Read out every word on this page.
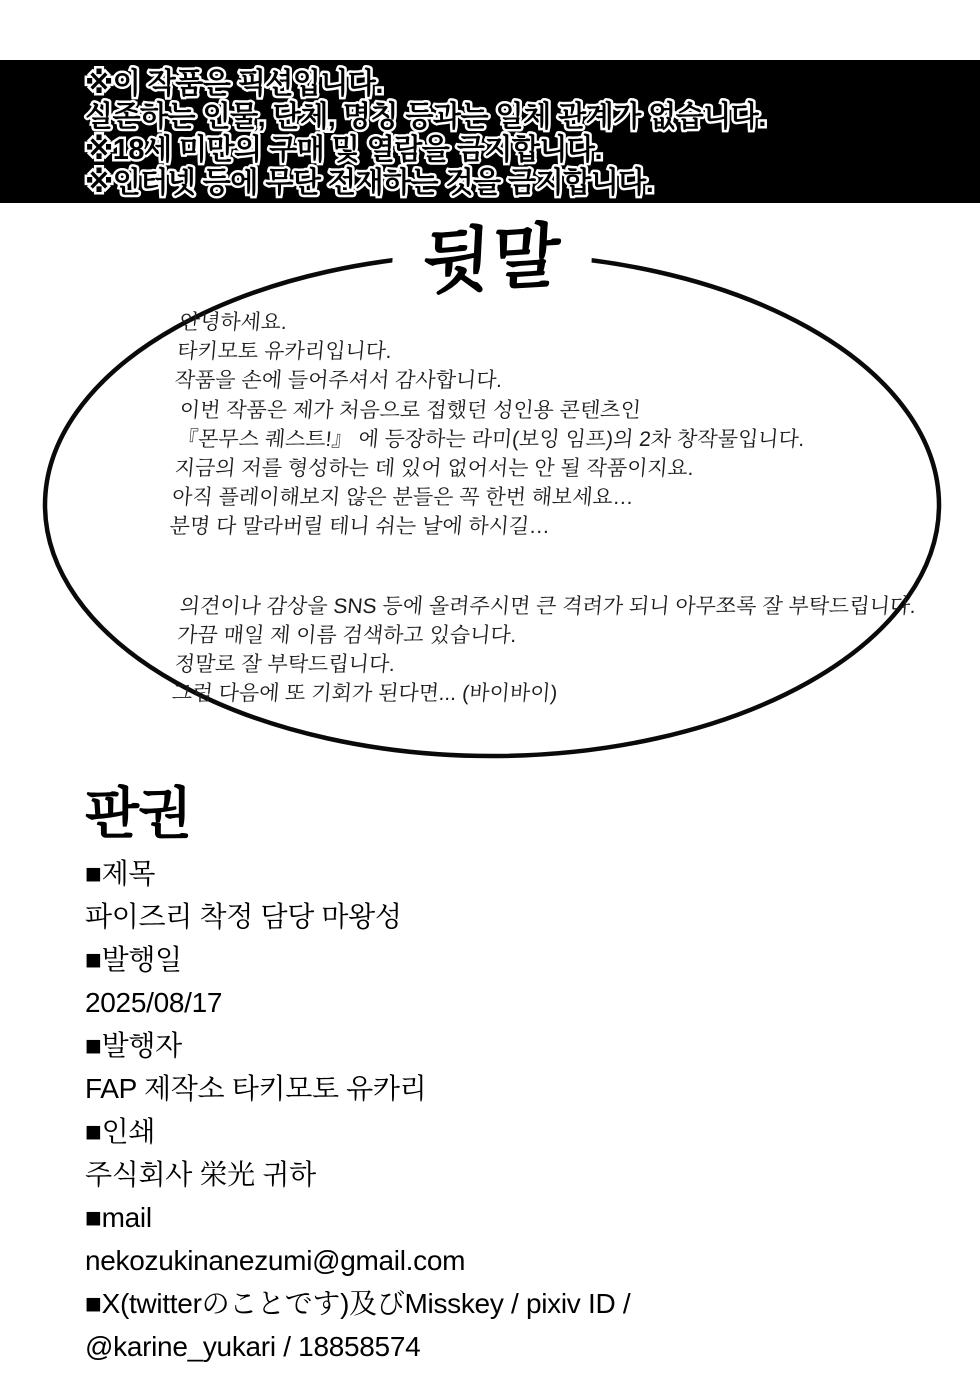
※이 작품은 픽션입니다.
실존하는 인물, 단체, 명칭 등과는 일체 관계가 없습니다.
※18세 미만의 구매 및 열람을 금지합니다.
※인터넷 등에 무단 전재하는 것을 금지합니다.
뒷말
안녕하세요.
타키모토 유카리입니다.
작품을 손에 들어주셔서 감사합니다.
이번 작품은 제가 처음으로 접했던 성인용 콘텐츠인
『몬무스 퀘스트!』 에 등장하는 라미(보잉 임프)의 2차 창작물입니다.
지금의 저를 형성하는 데 있어 없어서는 안 될 작품이지요.
아직 플레이해보지 않은 분들은 꼭 한번 해보세요…
분명 다 말라버릴 테니 쉬는 날에 하시길…
의견이나 감상을 SNS 등에 올려주시면 큰 격려가 되니 아무쪼록 잘 부탁드립니다.
가끔 매일 제 이름 검색하고 있습니다.
정말로 잘 부탁드립니다.
그럼 다음에 또 기회가 된다면... (바이바이)
판권
■제목
파이즈리 착정 담당 마왕성
■발행일
2025/08/17
■발행자
FAP 제작소 타키모토 유카리
■인쇄
주식회사 栄光 귀하
■mail
nekozukinanezumi@gmail.com
■X(twitterのことです)及びMisskey / pixiv ID /
@karine_yukari / 18858574
